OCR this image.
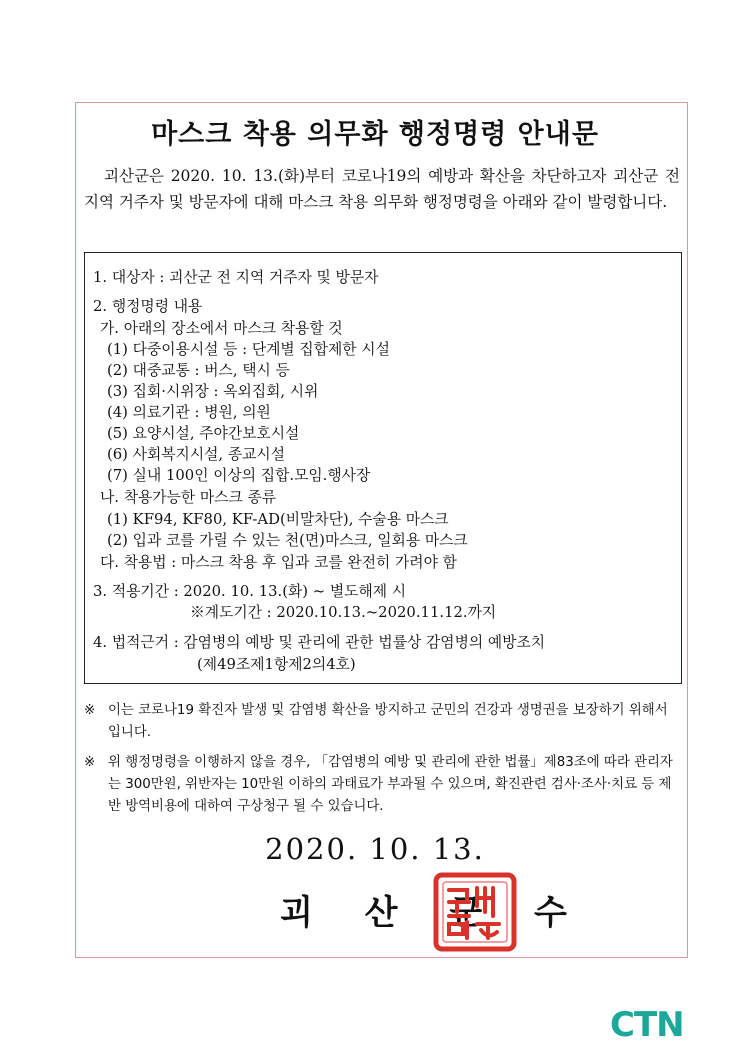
마스크 착용 의무화 행정명령 안내문
괴산군은 2020. 10. 13.(화)부터 코로나19의 예방과 확산을 차단하고자 괴산군 전 지역 거주자 및 방문자에 대해 마스크 착용 의무화 행정명령을 아래와 같이 발령합니다.
1. 대상자 : 괴산군 전 지역 거주자 및 방문자
2. 행정명령 내용
가. 아래의 장소에서 마스크 착용할 것
(1) 다중이용시설 등 : 단계별 집합제한 시설
(2) 대중교통 : 버스, 택시 등
(3) 집회·시위장 : 옥외집회, 시위
(4) 의료기관 : 병원, 의원
(5) 요양시설, 주야간보호시설
(6) 사회복지시설, 종교시설
(7) 실내 100인 이상의 집합.모임.행사장
나. 착용가능한 마스크 종류
(1) KF94, KF80, KF-AD(비말차단), 수술용 마스크
(2) 입과 코를 가릴 수 있는 천(면)마스크, 일회용 마스크
다. 착용법 : 마스크 착용 후 입과 코를 완전히 가려야 함
3. 적용기간 : 2020. 10. 13.(화) ~ 별도해제 시
※계도기간 : 2020.10.13.~2020.11.12.까지
4. 법적근거 : 감염병의 예방 및 관리에 관한 법률상 감염병의 예방조치
(제49조제1항제2의4호)
※ 이는 코로나19 확진자 발생 및 감염병 확산을 방지하고 군민의 건강과 생명권을 보장하기 위해서 입니다.
※ 위 행정명령을 이행하지 않을 경우, 「감염병의 예방 및 관리에 관한 법률」제83조에 따라 관리자는 300만원, 위반자는 10만원 이하의 과태료가 부과될 수 있으며, 확진관련 검사·조사·치료 등 제반 방역비용에 대하여 구상청구 될 수 있습니다.
2020. 10. 13.
괴 산 군 수
CTN
